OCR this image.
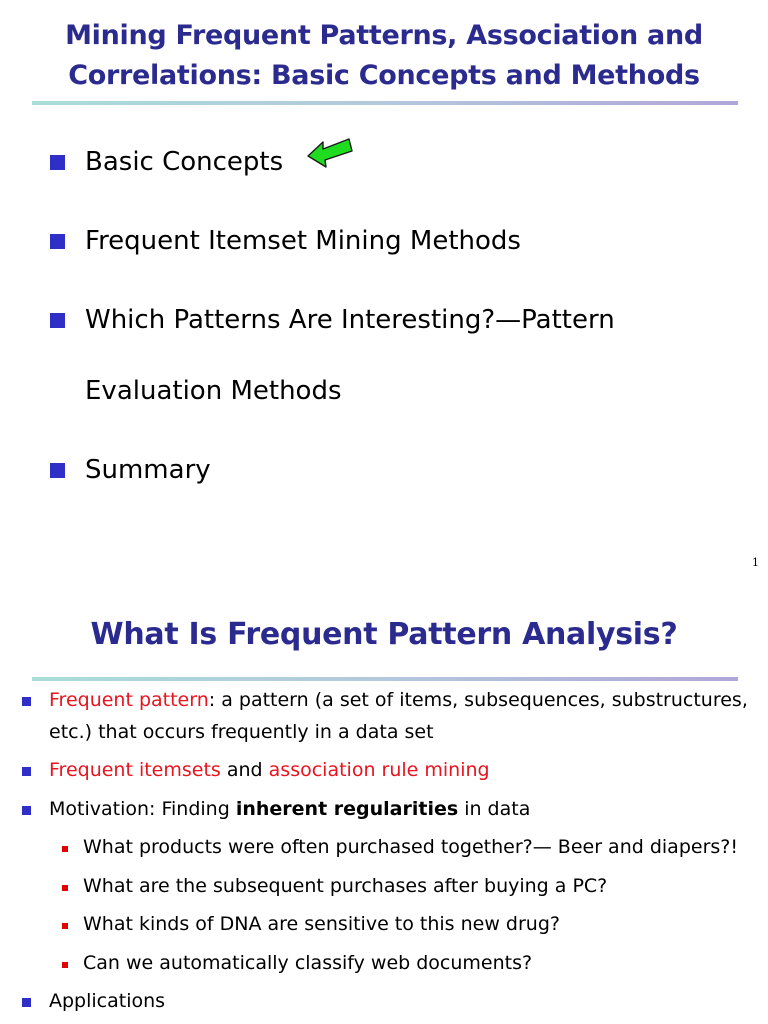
Mining Frequent Patterns, Association and
Correlations: Basic Concepts and Methods
Basic Concepts
Frequent Itemset Mining Methods
Which Patterns Are Interesting?—Pattern
Evaluation Methods
Summary
1
What Is Frequent Pattern Analysis?
Frequent pattern: a pattern (a set of items, subsequences, substructures,
etc.) that occurs frequently in a data set
Frequent itemsets and association rule mining
Motivation: Finding inherent regularities in data
What products were often purchased together?— Beer and diapers?!
What are the subsequent purchases after buying a PC?
What kinds of DNA are sensitive to this new drug?
Can we automatically classify web documents?
Applications
